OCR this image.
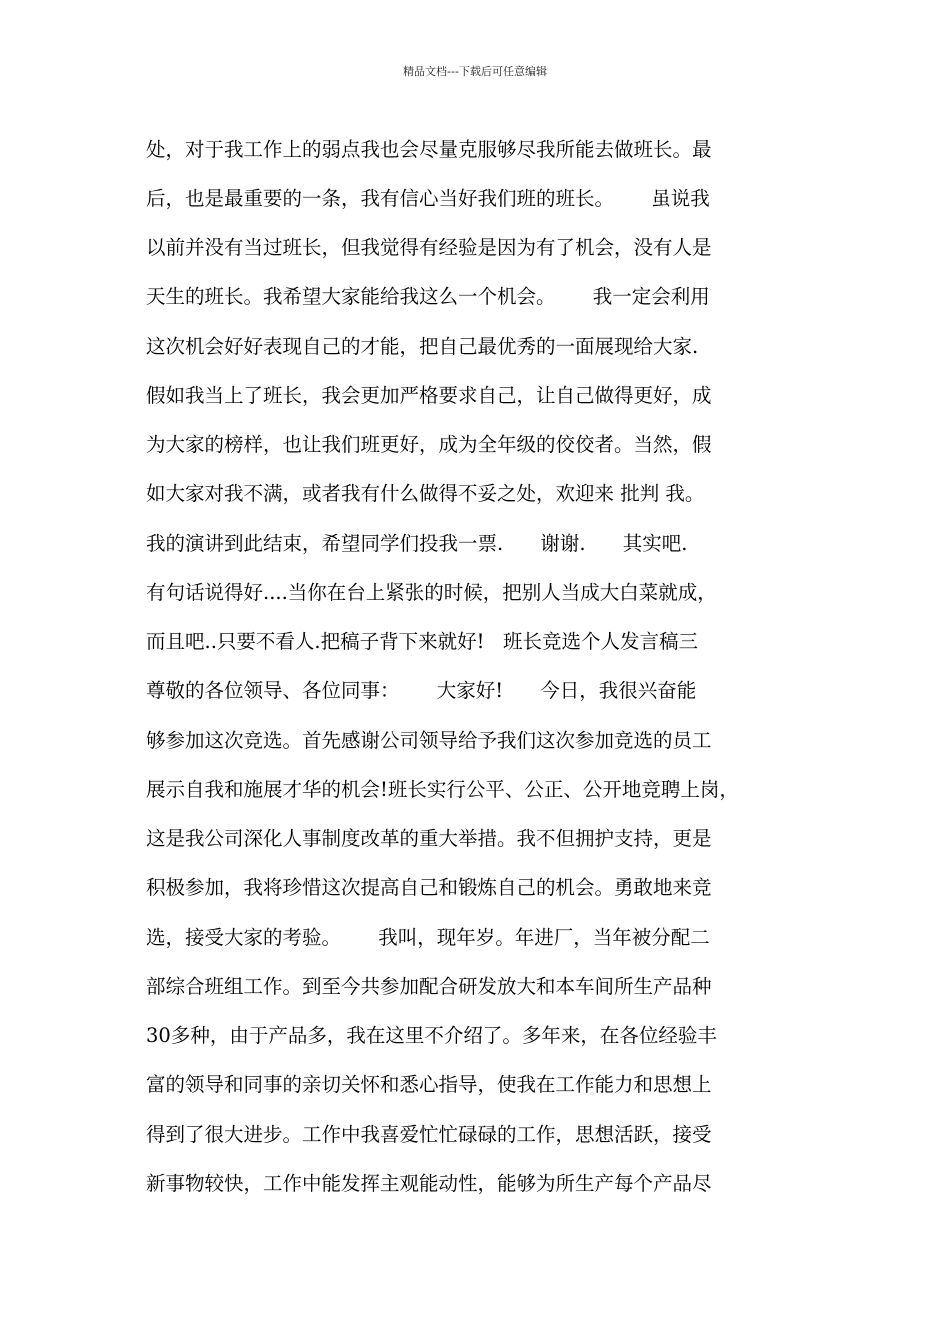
精品文档---下载后可任意编辑
处，对于我工作上的弱点我也会尽量克服够尽我所能去做班长。最
后，也是最重要的一条，我有信心当好我们班的班长。      虽说我
以前并没有当过班长，但我觉得有经验是因为有了机会，没有人是
天生的班长。我希望大家能给我这么一个机会。      我一定会利用
这次机会好好表现自己的才能，把自己最优秀的一面展现给大家.
假如我当上了班长，我会更加严格要求自己，让自己做得更好，成
为大家的榜样，也让我们班更好，成为全年级的佼佼者。当然，假
如大家对我不满，或者我有什么做得不妥之处，欢迎来 批判 我。
我的演讲到此结束，希望同学们投我一票.      谢谢.      其实吧.
有句话说得好....当你在台上紧张的时候，把别人当成大白菜就成，
而且吧..只要不看人.把稿子背下来就好!   班长竞选个人发言稿三
尊敬的各位领导、各位同事：      大家好!      今日，我很兴奋能
够参加这次竞选。首先感谢公司领导给予我们这次参加竞选的员工
展示自我和施展才华的机会!班长实行公平、公正、公开地竞聘上岗，
这是我公司深化人事制度改革的重大举措。我不但拥护支持，更是
积极参加，我将珍惜这次提高自己和锻炼自己的机会。勇敢地来竞
选，接受大家的考验。      我叫，现年岁。年进厂，当年被分配二
部综合班组工作。到至今共参加配合研发放大和本车间所生产品种
30多种，由于产品多，我在这里不介绍了。多年来，在各位经验丰
富的领导和同事的亲切关怀和悉心指导，使我在工作能力和思想上
得到了很大进步。工作中我喜爱忙忙碌碌的工作，思想活跃，接受
新事物较快，工作中能发挥主观能动性，能够为所生产每个产品尽
